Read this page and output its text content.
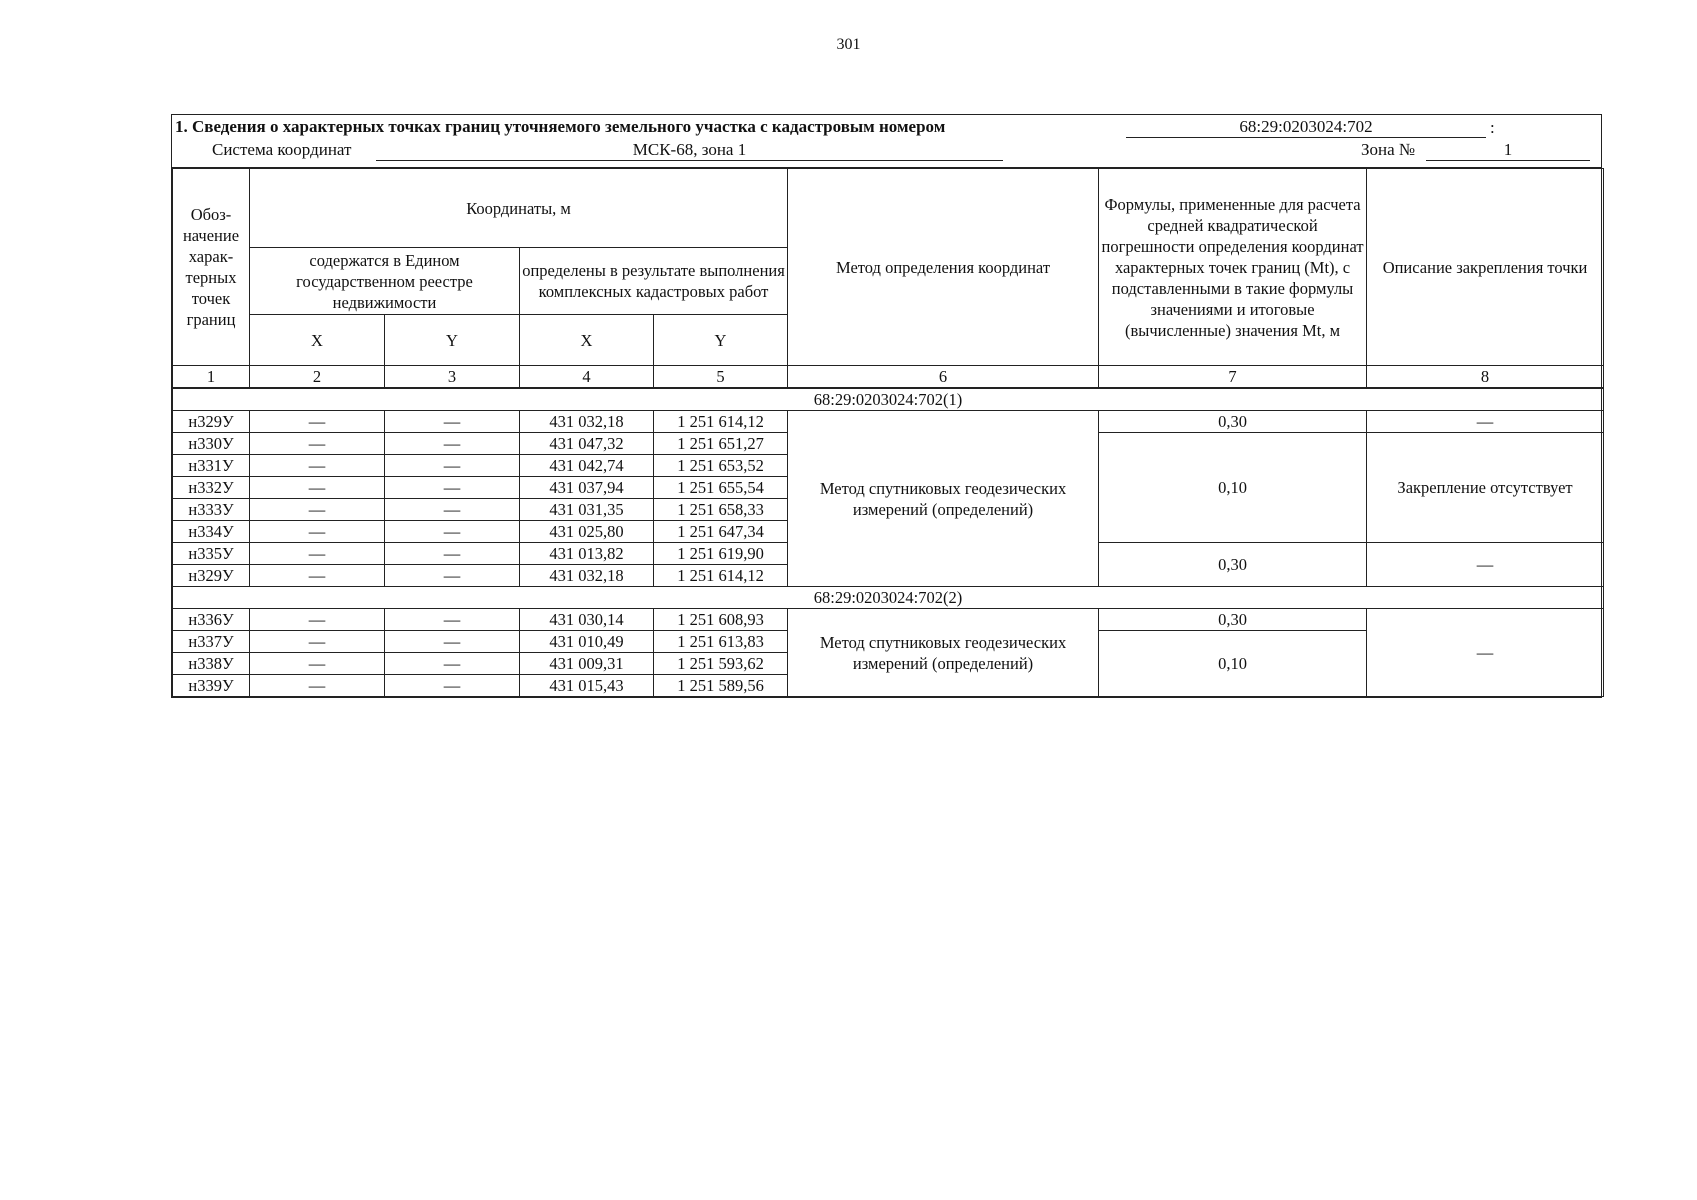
301
1. Сведения о характерных точках границ уточняемого земельного участка с кадастровым номером	68:29:0203024:702	:
Система координат	МСК-68, зона 1	Зона №	1
Обоз-начение харак-терных точек границ	Координаты, м				Метод определения координат	Формулы, примененные для расчета средней квадратической погрешности определения координат характерных точек границ (Mt), с подставленными в такие формулы значениями и итоговые (вычисленные) значения Mt, м	Описание закрепления точки
	содержатся в Едином государственном реестре недвижимости		определены в результате выполнения комплексных кадастровых работ				
	X	Y	X	Y			
1	2	3	4	5	6	7	8
68:29:0203024:702(1)							
н329У	—	—	431 032,18	1 251 614,12	Метод спутниковых геодезических измерений (определений)	0,30	—
н330У	—	—	431 047,32	1 251 651,27		0,10	Закрепление отсутствует
н331У	—	—	431 042,74	1 251 653,52			
н332У	—	—	431 037,94	1 251 655,54			
н333У	—	—	431 031,35	1 251 658,33			
н334У	—	—	431 025,80	1 251 647,34			
н335У	—	—	431 013,82	1 251 619,90		0,30	—
н329У	—	—	431 032,18	1 251 614,12			
68:29:0203024:702(2)							
н336У	—	—	431 030,14	1 251 608,93	Метод спутниковых геодезических измерений (определений)	0,30	—
н337У	—	—	431 010,49	1 251 613,83		0,10	
н338У	—	—	431 009,31	1 251 593,62			
н339У	—	—	431 015,43	1 251 589,56			
